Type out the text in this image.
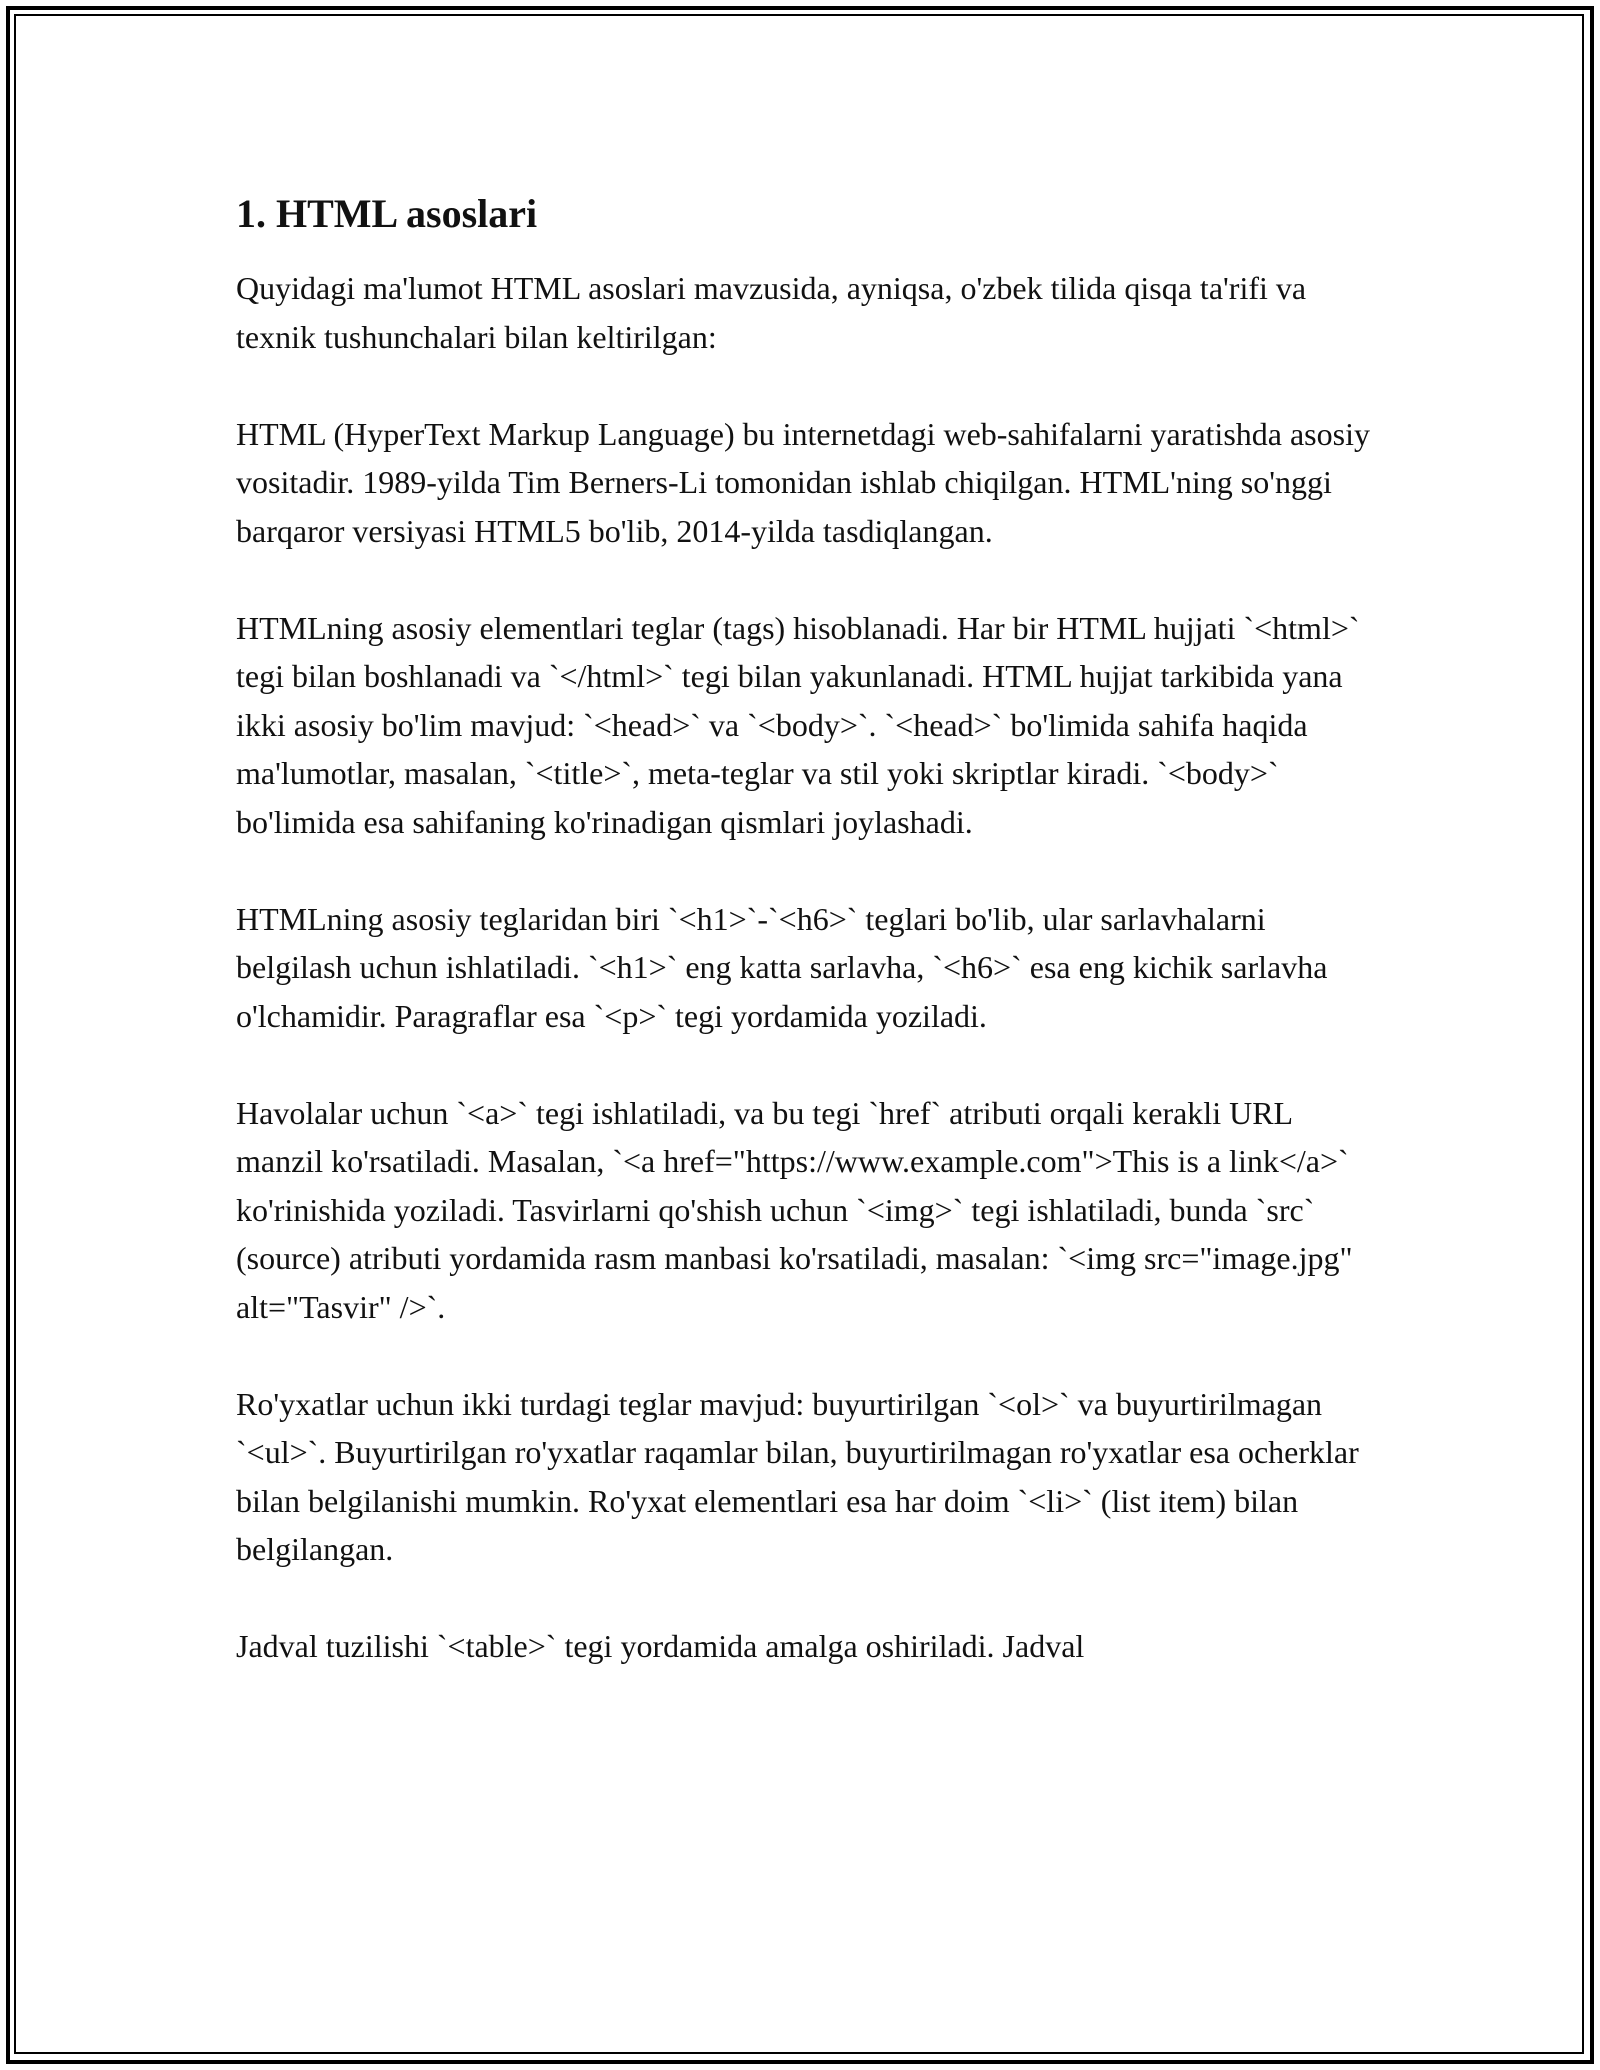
1. HTML asoslari

Quyidagi ma'lumot HTML asoslari mavzusida, ayniqsa, o'zbek tilida qisqa ta'rifi va texnik tushunchalari bilan keltirilgan:

HTML (HyperText Markup Language) bu internetdagi web-sahifalarni yaratishda asosiy vositadir. 1989-yilda Tim Berners-Li tomonidan ishlab chiqilgan. HTML'ning so'nggi barqaror versiyasi HTML5 bo'lib, 2014-yilda tasdiqlangan.

HTMLning asosiy elementlari teglar (tags) hisoblanadi. Har bir HTML hujjati `<html>` tegi bilan boshlanadi va `</html>` tegi bilan yakunlanadi. HTML hujjat tarkibida yana ikki asosiy bo'lim mavjud: `<head>` va `<body>`. `<head>` bo'limida sahifa haqida ma'lumotlar, masalan, `<title>`, meta-teglar va stil yoki skriptlar kiradi. `<body>` bo'limida esa sahifaning ko'rinadigan qismlari joylashadi.

HTMLning asosiy teglaridan biri `<h1>`-`<h6>` teglari bo'lib, ular sarlavhalarni belgilash uchun ishlatiladi. `<h1>` eng katta sarlavha, `<h6>` esa eng kichik sarlavha o'lchamidir. Paragraflar esa `<p>` tegi yordamida yoziladi.

Havolalar uchun `<a>` tegi ishlatiladi, va bu tegi `href` atributi orqali kerakli URL manzil ko'rsatiladi. Masalan, `<a href="https://www.example.com">This is a link</a>` ko'rinishida yoziladi. Tasvirlarni qo'shish uchun `<img>` tegi ishlatiladi, bunda `src` (source) atributi yordamida rasm manbasi ko'rsatiladi, masalan: `<img src="image.jpg" alt="Tasvir" />`.

Ro'yxatlar uchun ikki turdagi teglar mavjud: buyurtirilgan `<ol>` va buyurtirilmagan `<ul>`. Buyurtirilgan ro'yxatlar raqamlar bilan, buyurtirilmagan ro'yxatlar esa ocherklar bilan belgilanishi mumkin. Ro'yxat elementlari esa har doim `<li>` (list item) bilan belgilangan.

Jadval tuzilishi `<table>` tegi yordamida amalga oshiriladi. Jadval
